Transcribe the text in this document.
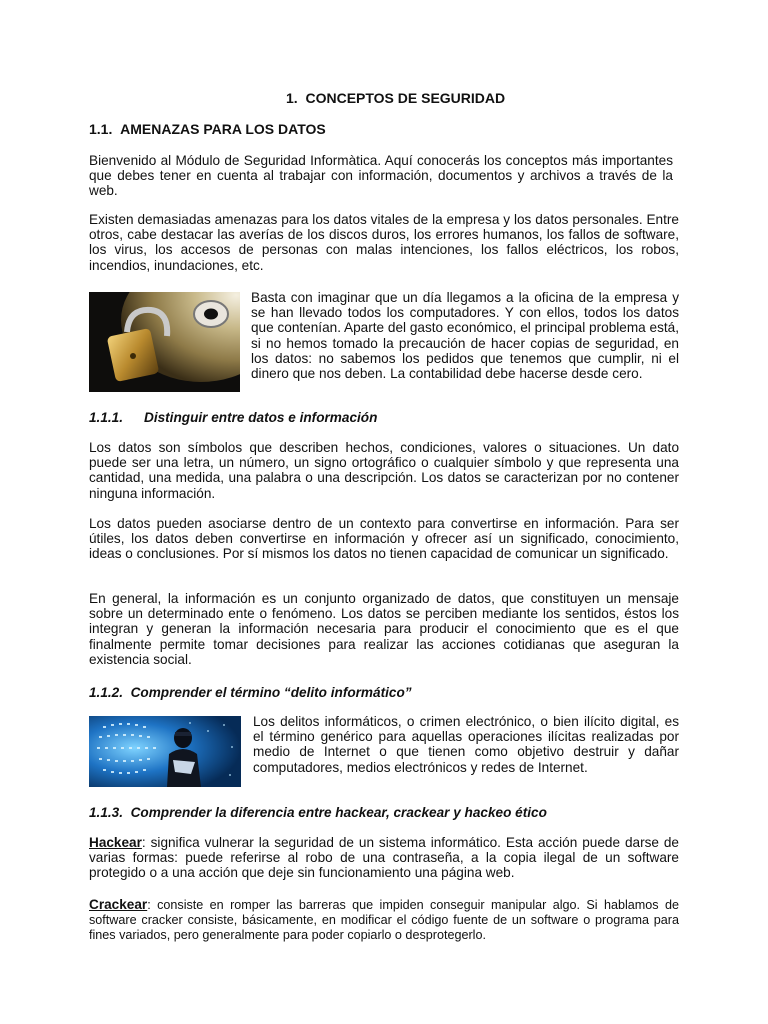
1. CONCEPTOS DE SEGURIDAD
1.1. AMENAZAS PARA LOS DATOS

Bienvenido al Módulo de Seguridad Informàtica. Aquí conocerás los conceptos más importantes que debes tener en cuenta al trabajar con información, documentos y archivos a través de la web.

Existen demasiadas amenazas para los datos vitales de la empresa y los datos personales. Entre otros, cabe destacar las averías de los discos duros, los errores humanos, los fallos de software, los virus, los accesos de personas con malas intenciones, los fallos eléctricos, los robos, incendios, inundaciones, etc.

Basta con imaginar que un día llegamos a la oficina de la empresa y se han llevado todos los computadores. Y con ellos, todos los datos que contenían. Aparte del gasto económico, el principal problema está, si no hemos tomado la precaución de hacer copias de seguridad, en los datos: no sabemos los pedidos que tenemos que cumplir, ni el dinero que nos deben. La contabilidad debe hacerse desde cero.

1.1.1. Distinguir entre datos e información

Los datos son símbolos que describen hechos, condiciones, valores o situaciones. Un dato puede ser una letra, un número, un signo ortográfico o cualquier símbolo y que representa una cantidad, una medida, una palabra o una descripción. Los datos se caracterizan por no contener ninguna información.

Los datos pueden asociarse dentro de un contexto para convertirse en información. Para ser útiles, los datos deben convertirse en información y ofrecer así un significado, conocimiento, ideas o conclusiones. Por sí mismos los datos no tienen capacidad de comunicar un significado.

En general, la información es un conjunto organizado de datos, que constituyen un mensaje sobre un determinado ente o fenómeno. Los datos se perciben mediante los sentidos, éstos los integran y generan la información necesaria para producir el conocimiento que es el que finalmente permite tomar decisiones para realizar las acciones cotidianas que aseguran la existencia social.

1.1.2. Comprender el término “delito informático”

Los delitos informáticos, o crimen electrónico, o bien ilícito digital, es el término genérico para aquellas operaciones ilícitas realizadas por medio de Internet o que tienen como objetivo destruir y dañar computadores, medios electrónicos y redes de Internet.

1.1.3. Comprender la diferencia entre hackear, crackear y hackeo ético

Hackear: significa vulnerar la seguridad de un sistema informático. Esta acción puede darse de varias formas: puede referirse al robo de una contraseña, a la copia ilegal de un software protegido o a una acción que deje sin funcionamiento una página web.

Crackear: consiste en romper las barreras que impiden conseguir manipular algo. Si hablamos de software cracker consiste, básicamente, en modificar el código fuente de un software o programa para fines variados, pero generalmente para poder copiarlo o desprotegerlo.
